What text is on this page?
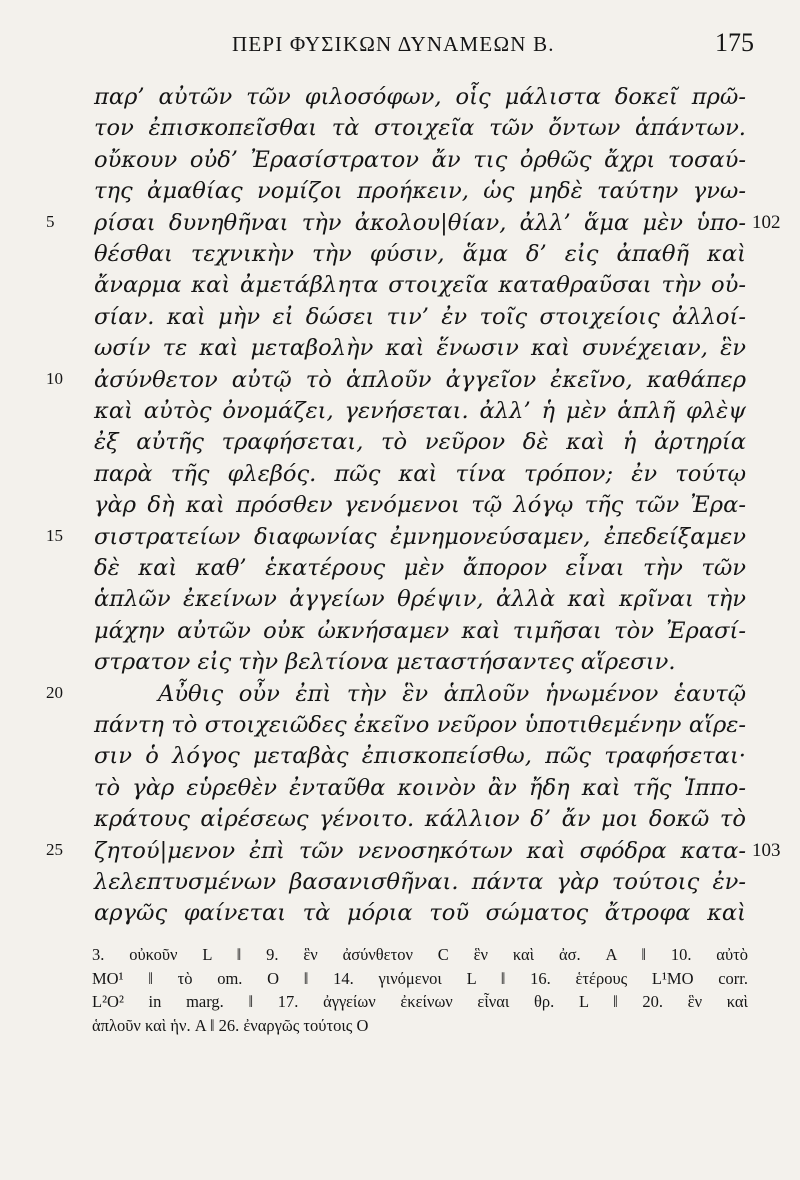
ΠΕΡΙ ΦΥΣΙΚΩΝ ΔΥΝΑΜΕΩΝ Β.	175
παρ’ αὐτῶν τῶν φιλοσόφων, οἷς μάλιστα δοκεῖ πρῶ-
τον ἐπισκοπεῖσθαι τὰ στοιχεῖα τῶν ὄντων ἁπάντων.
οὔκουν οὐδ’ Ἐρασίστρατον ἄν τις ὀρθῶς ἄχρι τοσαύ-
της ἀμαθίας νομίζοι προήκειν, ὡς μηδὲ ταύτην γνω-
ρίσαι δυνηθῆναι τὴν ἀκολου|θίαν, ἀλλ’ ἅμα μὲν ὑπο-
5	102
θέσθαι τεχνικὴν τὴν φύσιν, ἅμα δ’ εἰς ἀπαθῆ καὶ
ἄναρμα καὶ ἀμετάβλητα στοιχεῖα καταθραῦσαι τὴν οὐ-
σίαν. καὶ μὴν εἰ δώσει τιν’ ἐν τοῖς στοιχείοις ἀλλοί-
ωσίν τε καὶ μεταβολὴν καὶ ἕνωσιν καὶ συνέχειαν, ἓν
ἀσύνθετον αὐτῷ τὸ ἁπλοῦν ἀγγεῖον ἐκεῖνο, καθάπερ
10
καὶ αὐτὸς ὀνομάζει, γενήσεται. ἀλλ’ ἡ μὲν ἁπλῆ φλὲψ
ἐξ αὐτῆς τραφήσεται, τὸ νεῦρον δὲ καὶ ἡ ἀρτηρία
παρὰ τῆς φλεβός. πῶς καὶ τίνα τρόπον; ἐν τούτῳ
γὰρ δὴ καὶ πρόσθεν γενόμενοι τῷ λόγῳ τῆς τῶν Ἐρα-
σιστρατείων διαφωνίας ἐμνημονεύσαμεν, ἐπεδείξαμεν
15
δὲ καὶ καθ’ ἑκατέρους μὲν ἄπορον εἶναι τὴν τῶν
ἁπλῶν ἐκείνων ἀγγείων θρέψιν, ἀλλὰ καὶ κρῖναι τὴν
μάχην αὐτῶν οὐκ ὠκνήσαμεν καὶ τιμῆσαι τὸν Ἐρασί-
στρατον εἰς τὴν βελτίονα μεταστήσαντες αἵρεσιν.
Αὖθις οὖν ἐπὶ τὴν ἓν ἁπλοῦν ἡνωμένον ἑαυτῷ
20
πάντη τὸ στοιχειῶδες ἐκεῖνο νεῦρον ὑποτιθεμένην αἵρε-
σιν ὁ λόγος μεταβὰς ἐπισκοπείσθω, πῶς τραφήσεται·
τὸ γὰρ εὑρεθὲν ἐνταῦθα κοινὸν ἂν ἤδη καὶ τῆς Ἱππο-
κράτους αἱρέσεως γένοιτο. κάλλιον δ’ ἄν μοι δοκῶ τὸ
ζητού|μενον ἐπὶ τῶν νενοσηκότων καὶ σφόδρα κατα-
25	103
λελεπτυσμένων βασανισθῆναι. πάντα γὰρ τούτοις ἐν-
αργῶς φαίνεται τὰ μόρια τοῦ σώματος ἄτροφα καὶ
3. οὐκοῦν L ‖ 9. ἓν ἀσύνθετον C ἓν καὶ ἀσ. A ‖ 10. αὐτὸ
MO¹ ‖ τὸ om. O ‖ 14. γινόμενοι L ‖ 16. ἑτέρους L¹MO corr.
L²O² in marg. ‖ 17. ἀγγείων ἐκείνων εἶναι θρ. L ‖ 20. ἓν καὶ
ἁπλοῦν καὶ ἡν. A ‖ 26. ἐναργῶς τούτοις O
